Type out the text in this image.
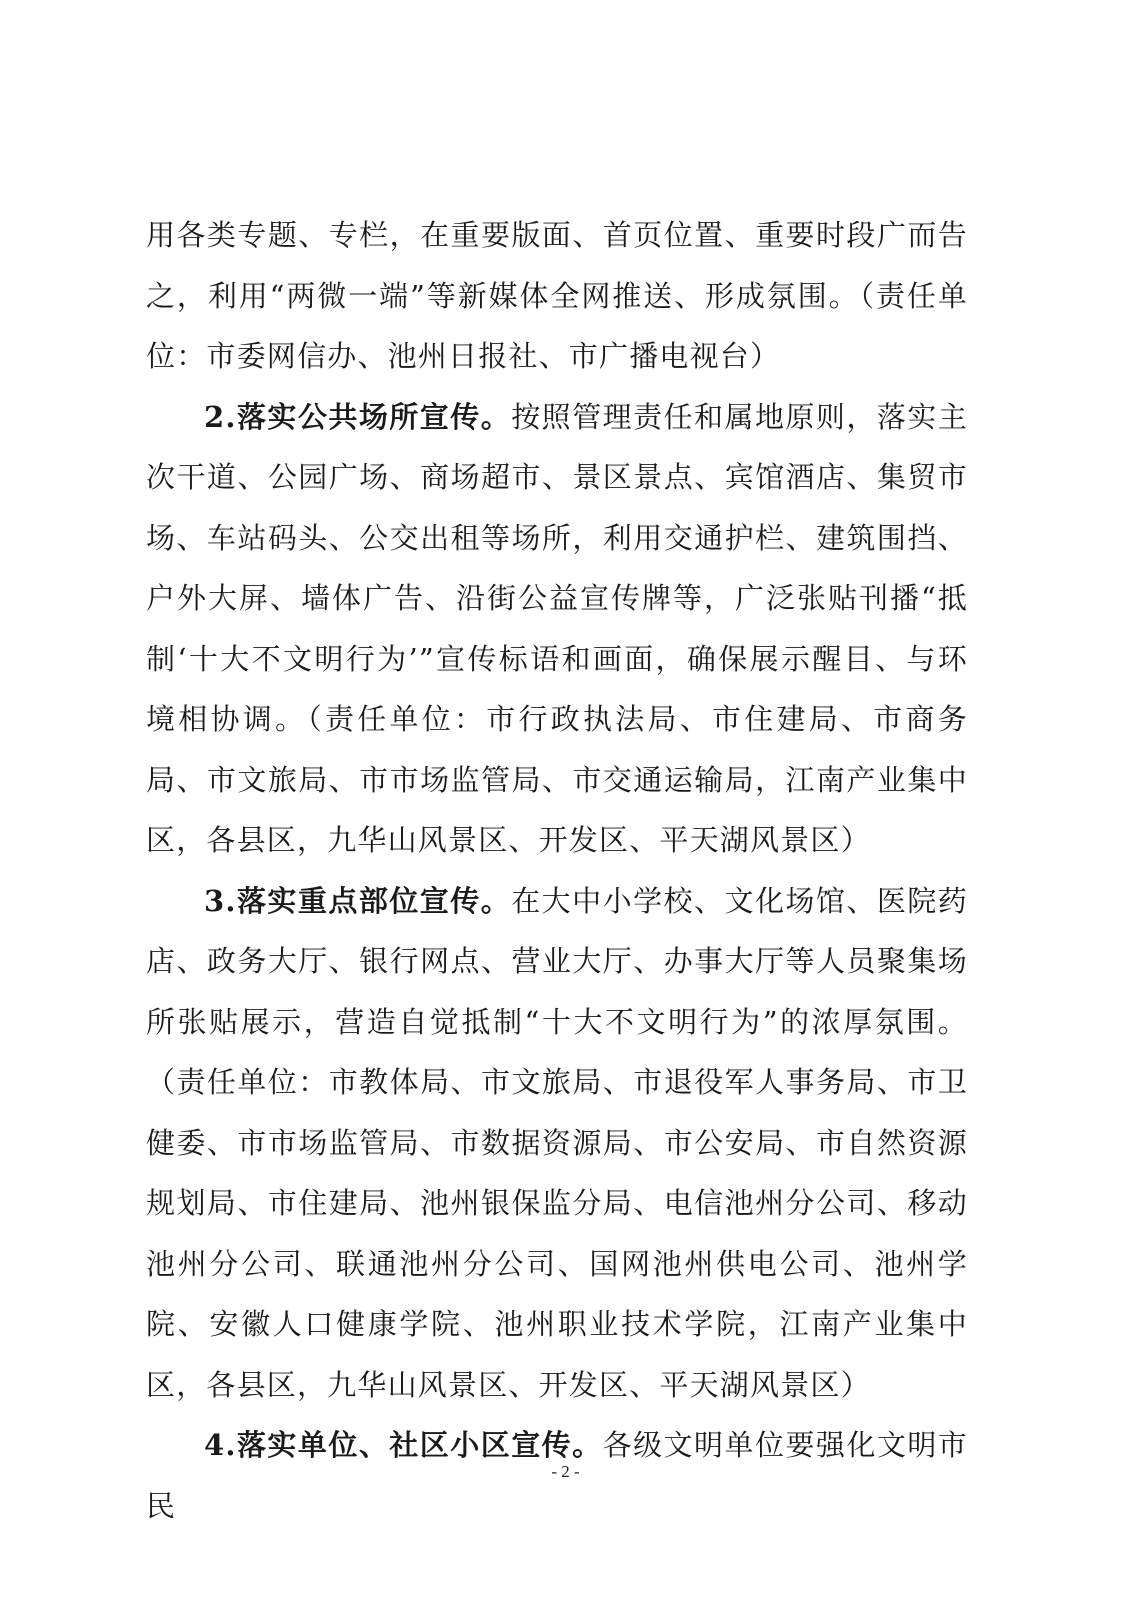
用各类专题、专栏，在重要版面、首页位置、重要时段广而告之，利用“两微一端”等新媒体全网推送、形成氛围。（责任单位：市委网信办、池州日报社、市广播电视台）

2.落实公共场所宣传。按照管理责任和属地原则，落实主次干道、公园广场、商场超市、景区景点、宾馆酒店、集贸市场、车站码头、公交出租等场所，利用交通护栏、建筑围挡、户外大屏、墙体广告、沿街公益宣传牌等，广泛张贴刊播“抵制‘十大不文明行为’”宣传标语和画面，确保展示醒目、与环境相协调。（责任单位：市行政执法局、市住建局、市商务局、市文旅局、市市场监管局、市交通运输局，江南产业集中区，各县区，九华山风景区、开发区、平天湖风景区）

3.落实重点部位宣传。在大中小学校、文化场馆、医院药店、政务大厅、银行网点、营业大厅、办事大厅等人员聚集场所张贴展示，营造自觉抵制“十大不文明行为”的浓厚氛围。（责任单位：市教体局、市文旅局、市退役军人事务局、市卫健委、市市场监管局、市数据资源局、市公安局、市自然资源规划局、市住建局、池州银保监分局、电信池州分公司、移动池州分公司、联通池州分公司、国网池州供电公司、池州学院、安徽人口健康学院、池州职业技术学院，江南产业集中区，各县区，九华山风景区、开发区、平天湖风景区）

4.落实单位、社区小区宣传。各级文明单位要强化文明市民

- 2 -
